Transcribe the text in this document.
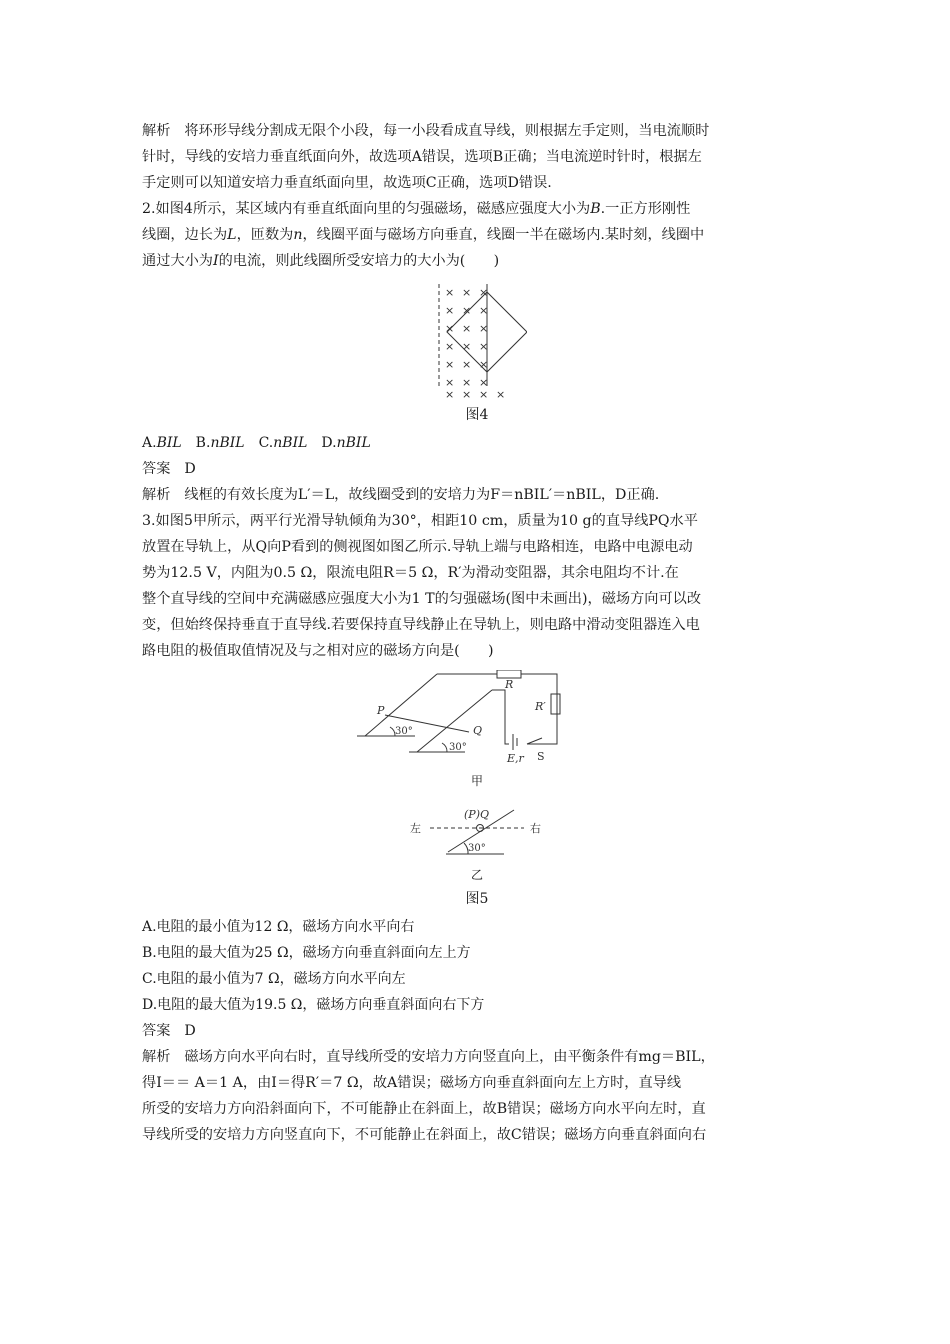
解析 将环形导线分割成无限个小段，每一小段看成直导线，则根据左手定则，当电流顺时
针时，导线的安培力垂直纸面向外，故选项A错误，选项B正确；当电流逆时针时，根据左
手定则可以知道安培力垂直纸面向里，故选项C正确，选项D错误.

2.如图4所示，某区域内有垂直纸面向里的匀强磁场，磁感应强度大小为B.一正方形刚性
线圈，边长为L，匝数为n，线圈平面与磁场方向垂直，线圈一半在磁场内.某时刻，线圈中
通过大小为I的电流，则此线圈所受安培力的大小为(　　)

× × ×
× × ×
× × ×
× × ×
× × ×
× × ×
× × × ×
图4

A.BIL　B.nBIL　C.nBIL　D.nBIL

答案 D

解析 线框的有效长度为L′＝L，故线圈受到的安培力为F＝nBIL′＝nBIL，D正确.

3.如图5甲所示，两平行光滑导轨倾角为30°，相距10 cm，质量为10 g的直导线PQ水平
放置在导轨上，从Q向P看到的侧视图如图乙所示.导轨上端与电路相连，电路中电源电动
势为12.5 V，内阻为0.5 Ω，限流电阻R＝5 Ω，R′为滑动变阻器，其余电阻均不计.在
整个直导线的空间中充满磁感应强度大小为1 T的匀强磁场(图中未画出)，磁场方向可以改
变，但始终保持垂直于直导线.若要保持直导线静止在导轨上，则电路中滑动变阻器连入电
路电阻的极值取值情况及与之相对应的磁场方向是(　　)

P
Q
R
R′
E,r S
30°
30°
甲
(P)Q
左	右
30°
乙
图5

A.电阻的最小值为12 Ω，磁场方向水平向右
B.电阻的最大值为25 Ω，磁场方向垂直斜面向左上方
C.电阻的最小值为7 Ω，磁场方向水平向左
D.电阻的最大值为19.5 Ω，磁场方向垂直斜面向右下方

答案 D

解析 磁场方向水平向右时，直导线所受的安培力方向竖直向上，由平衡条件有mg＝BIL，
得I＝＝ A＝1 A，由I＝得R′＝7 Ω，故A错误；磁场方向垂直斜面向左上方时，直导线
所受的安培力方向沿斜面向下，不可能静止在斜面上，故B错误；磁场方向水平向左时，直
导线所受的安培力方向竖直向下，不可能静止在斜面上，故C错误；磁场方向垂直斜面向右
